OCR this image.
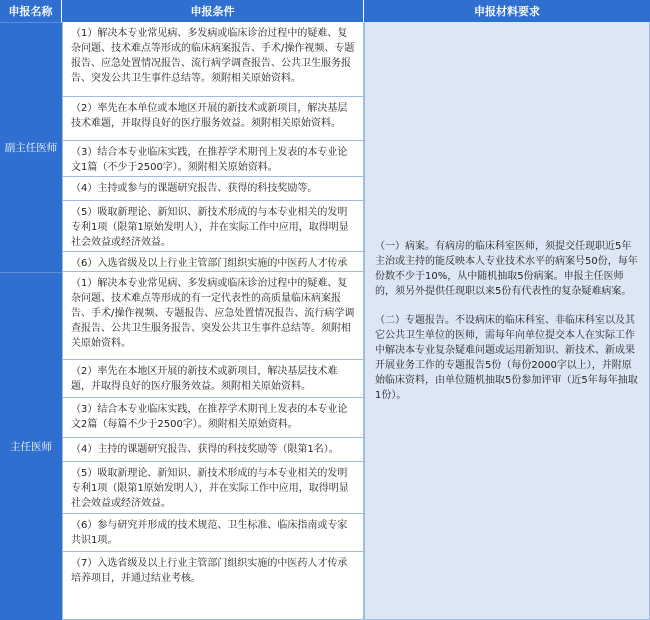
申报名称	申报条件	申报材料要求
副主任医师
主任医师
（1）解决本专业常见病、多发病或临床诊治过程中的疑难、复杂问题、技术难点等形成的临床病案报告、手术/操作视频、专题报告、应急处置情况报告、流行病学调查报告、公共卫生服务报告、突发公共卫生事件总结等。须附相关原始资料。
（2）率先在本单位或本地区开展的新技术或新项目，解决基层技术难题，并取得良好的医疗服务效益。须附相关原始资料。
（3）结合本专业临床实践，在推荐学术期刊上发表的本专业论文1篇（不少于2500字）。须附相关原始资料。
（4）主持或参与的课题研究报告、获得的科技奖励等。
（5）吸取新理论、新知识、新技术形成的与本专业相关的发明专利1项（限第1原始发明人），并在实际工作中应用，取得明显社会效益或经济效益。
（6）入选省级及以上行业主管部门组织实施的中医药人才传承
（1）解决本专业常见病、多发病或临床诊治过程中的疑难、复杂问题、技术难点等形成的有一定代表性的高质量临床病案报告、手术/操作视频、专题报告、应急处置情况报告、流行病学调查报告、公共卫生服务报告、突发公共卫生事件总结等。须附相关原始资料。
（2）率先在本地区开展的新技术或新项目，解决基层技术难题，并取得良好的医疗服务效益。须附相关原始资料。
（3）结合本专业临床实践，在推荐学术期刊上发表的本专业论文2篇（每篇不少于2500字）。须附相关原始资料。
（4）主持的课题研究报告、获得的科技奖励等（限第1名）。
（5）吸取新理论、新知识、新技术形成的与本专业相关的发明专利1项（限第1原始发明人），并在实际工作中应用，取得明显社会效益或经济效益。
（6）参与研究并形成的技术规范、卫生标准、临床指南或专家共识1项。
（7）入选省级及以上行业主管部门组织实施的中医药人才传承培养项目，并通过结业考核。

（一）病案。有病房的临床科室医师，须提交任现职近5年主治或主持的能反映本人专业技术水平的病案号50份，每年份数不少于10%，从中随机抽取5份病案。申报主任医师的，须另外提供任现职以来5份有代表性的复杂疑难病案。

（二）专题报告。不设病床的临床科室、非临床科室以及其它公共卫生单位的医师，需每年向单位提交本人在实际工作中解决本专业复杂疑难问题或运用新知识、新技术、新成果开展业务工作的专题报告5份（每份2000字以上），并附原始临床资料，由单位随机抽取5份参加评审（近5年每年抽取1份）。
